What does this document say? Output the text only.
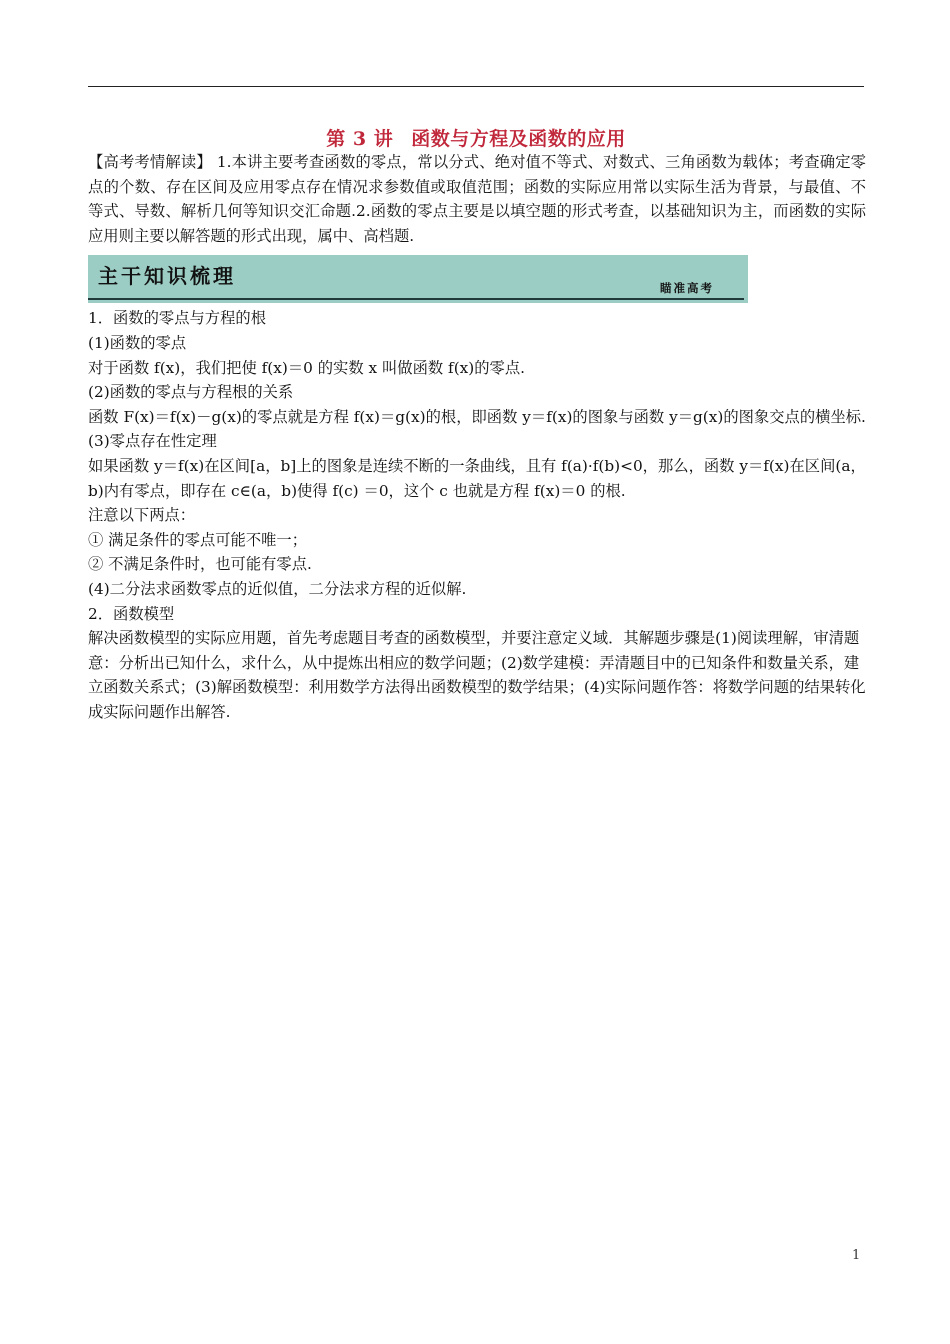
第 3 讲 函数与方程及函数的应用

【高考考情解读】 1.本讲主要考查函数的零点，常以分式、绝对值不等式、对数式、三角函数为载体；考查确定零点的个数、存在区间及应用零点存在情况求参数值或取值范围；函数的实际应用常以实际生活为背景，与最值、不等式、导数、解析几何等知识交汇命题.2.函数的零点主要是以填空题的形式考查，以基础知识为主，而函数的实际应用则主要以解答题的形式出现，属中、高档题.

主干知识梳理	瞄准高考

1．函数的零点与方程的根

(1)函数的零点

对于函数 f(x)，我们把使 f(x)＝0 的实数 x 叫做函数 f(x)的零点.

(2)函数的零点与方程根的关系

函数 F(x)＝f(x)－g(x)的零点就是方程 f(x)＝g(x)的根，即函数 y＝f(x)的图象与函数 y＝g(x)的图象交点的横坐标.

(3)零点存在性定理

如果函数 y＝f(x)在区间[a，b]上的图象是连续不断的一条曲线，且有 f(a)·f(b)<0，那么，函数 y＝f(x)在区间(a，b)内有零点，即存在 c∈(a，b)使得 f(c) ＝0，这个 c 也就是方程 f(x)＝0 的根.

注意以下两点：

① 满足条件的零点可能不唯一；

② 不满足条件时，也可能有零点.

(4)二分法求函数零点的近似值，二分法求方程的近似解.

2．函数模型

解决函数模型的实际应用题，首先考虑题目考查的函数模型，并要注意定义域．其解题步骤是(1)阅读理解，审清题意：分析出已知什么，求什么，从中提炼出相应的数学问题；(2)数学建模：弄清题目中的已知条件和数量关系，建立函数关系式；(3)解函数模型：利用数学方法得出函数模型的数学结果；(4)实际问题作答：将数学问题的结果转化成实际问题作出解答.

1
